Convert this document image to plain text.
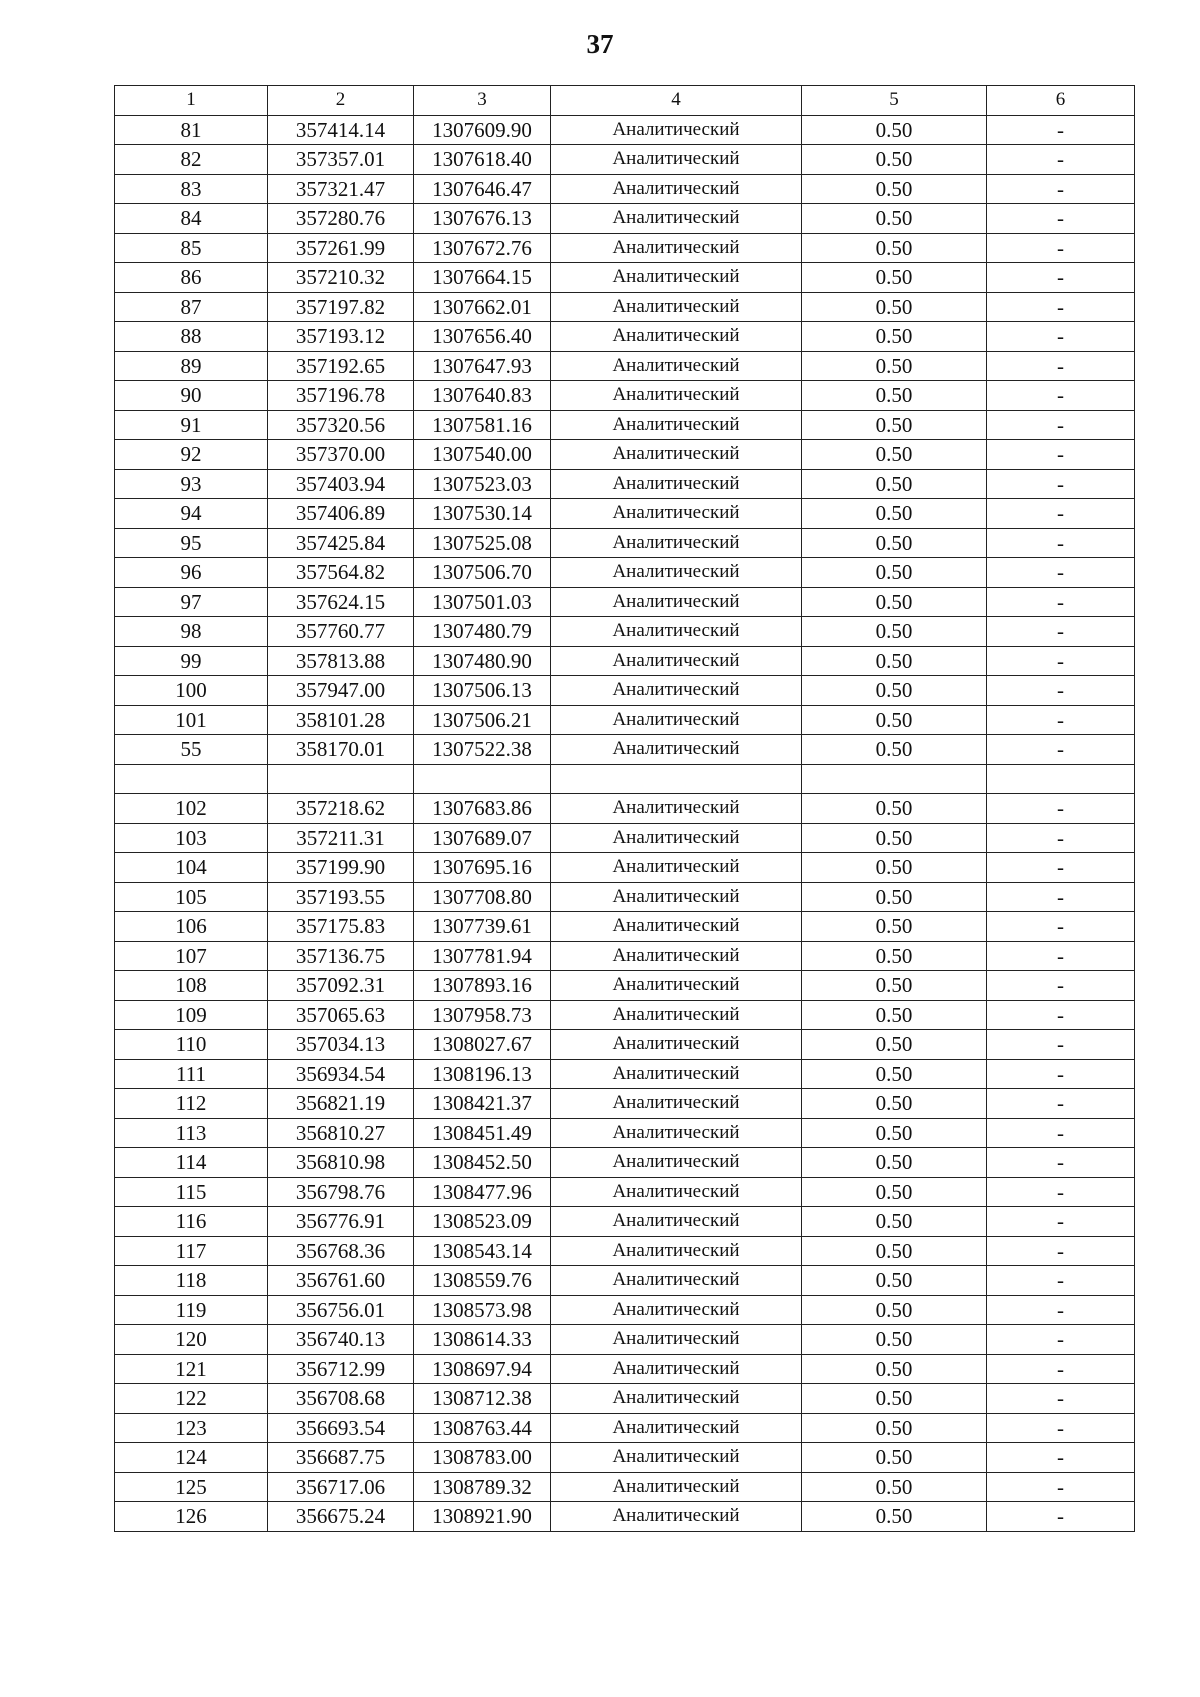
37
1	2	3	4	5	6
81	357414.14	1307609.90	Аналитический	0.50	-
82	357357.01	1307618.40	Аналитический	0.50	-
83	357321.47	1307646.47	Аналитический	0.50	-
84	357280.76	1307676.13	Аналитический	0.50	-
85	357261.99	1307672.76	Аналитический	0.50	-
86	357210.32	1307664.15	Аналитический	0.50	-
87	357197.82	1307662.01	Аналитический	0.50	-
88	357193.12	1307656.40	Аналитический	0.50	-
89	357192.65	1307647.93	Аналитический	0.50	-
90	357196.78	1307640.83	Аналитический	0.50	-
91	357320.56	1307581.16	Аналитический	0.50	-
92	357370.00	1307540.00	Аналитический	0.50	-
93	357403.94	1307523.03	Аналитический	0.50	-
94	357406.89	1307530.14	Аналитический	0.50	-
95	357425.84	1307525.08	Аналитический	0.50	-
96	357564.82	1307506.70	Аналитический	0.50	-
97	357624.15	1307501.03	Аналитический	0.50	-
98	357760.77	1307480.79	Аналитический	0.50	-
99	357813.88	1307480.90	Аналитический	0.50	-
100	357947.00	1307506.13	Аналитический	0.50	-
101	358101.28	1307506.21	Аналитический	0.50	-
55	358170.01	1307522.38	Аналитический	0.50	-

102	357218.62	1307683.86	Аналитический	0.50	-
103	357211.31	1307689.07	Аналитический	0.50	-
104	357199.90	1307695.16	Аналитический	0.50	-
105	357193.55	1307708.80	Аналитический	0.50	-
106	357175.83	1307739.61	Аналитический	0.50	-
107	357136.75	1307781.94	Аналитический	0.50	-
108	357092.31	1307893.16	Аналитический	0.50	-
109	357065.63	1307958.73	Аналитический	0.50	-
110	357034.13	1308027.67	Аналитический	0.50	-
111	356934.54	1308196.13	Аналитический	0.50	-
112	356821.19	1308421.37	Аналитический	0.50	-
113	356810.27	1308451.49	Аналитический	0.50	-
114	356810.98	1308452.50	Аналитический	0.50	-
115	356798.76	1308477.96	Аналитический	0.50	-
116	356776.91	1308523.09	Аналитический	0.50	-
117	356768.36	1308543.14	Аналитический	0.50	-
118	356761.60	1308559.76	Аналитический	0.50	-
119	356756.01	1308573.98	Аналитический	0.50	-
120	356740.13	1308614.33	Аналитический	0.50	-
121	356712.99	1308697.94	Аналитический	0.50	-
122	356708.68	1308712.38	Аналитический	0.50	-
123	356693.54	1308763.44	Аналитический	0.50	-
124	356687.75	1308783.00	Аналитический	0.50	-
125	356717.06	1308789.32	Аналитический	0.50	-
126	356675.24	1308921.90	Аналитический	0.50	-
